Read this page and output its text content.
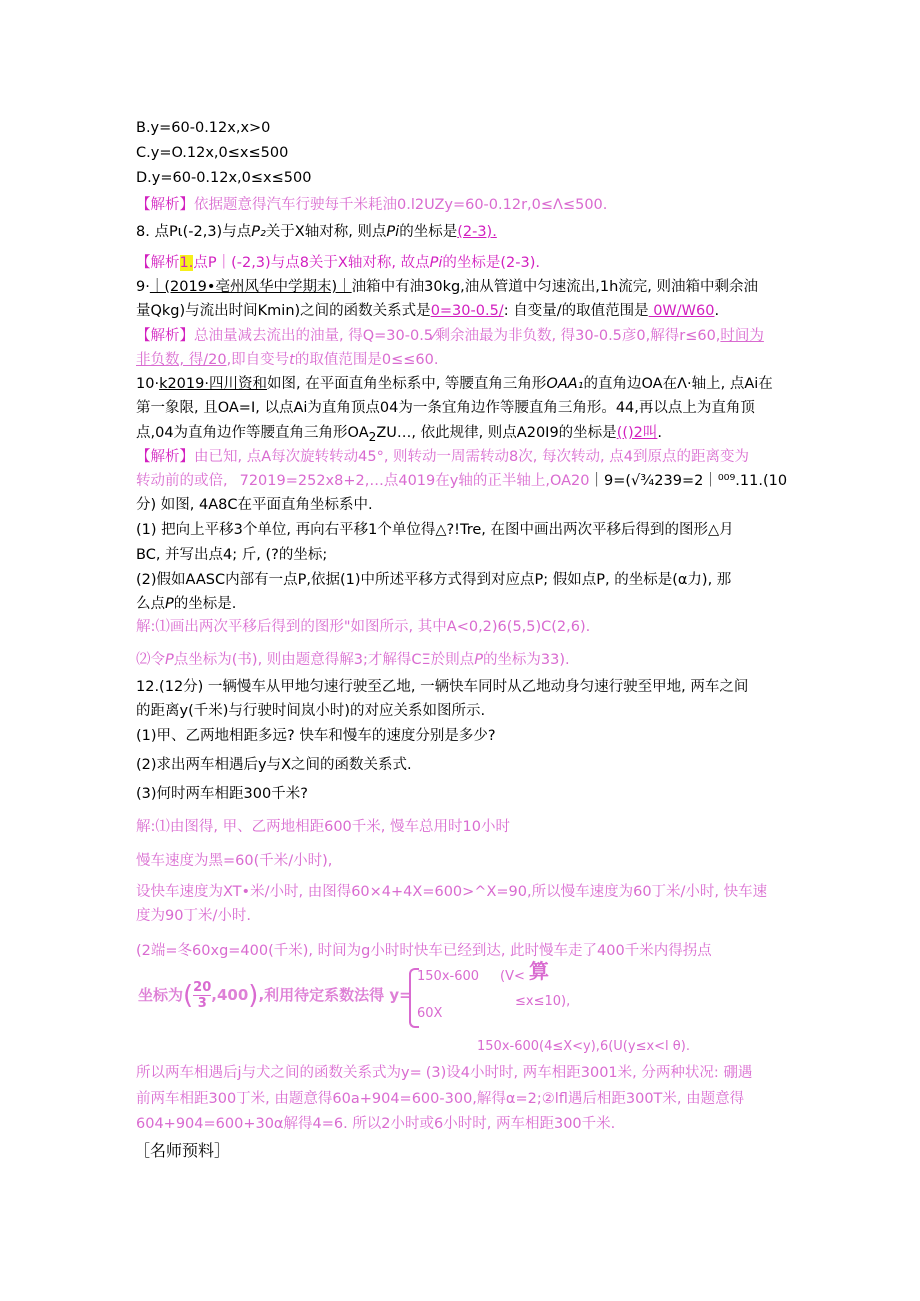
B.y=60-0.12x,x>0
C.y=O.12x,0≤x≤500
D.y=60-0.12x,0≤x≤500
【解析】依据题意得汽车行驶每千米耗油0.l2UZy=60-0.12r,0≤Λ≤500.
8. 点Pι(-2,3)与点P₂关于X轴对称, 则点Pi的坐标是(2-3).
【解析1.点P｜(-2,3)与点8关于X轴对称, 故点Pi的坐标是(2-3).
9·｜(2019•亳州风华中学期末)｜油箱中有油30kg,油从管道中匀速流出,1h流完, 则油箱中剩余油
量Qkg)与流出时间Kmin)之间的函数关系式是0=30-0.5/: 自变量/的取值范围是 0W/W60.
【解析】总油量减去流出的油量, 得Q=30-0.5⁄剩余油最为非负数, 得30-0.5彦0,解得r≤60,时间为
非负数, 得/20,即自变号t的取值范围是0≤≤60.
10·k2019·四川资和如图, 在平面直角坐标系中, 等腰直角三角形OAA₁的直角边OA在Λ·轴上, 点Ai在
第一象限, 且OA=I, 以点Ai为直角顶点04为一条宜角边作等腰直角三角形。44,再以点上为直角顶
点,04为直角边作等腰直角三角形$OA_2ZU\dots$, 依此规律, 则点A20I9的坐标是(()2叫.
【解析】由已知, 点A每次旋转转动45°, 则转动一周需转动8次, 每次转动, 点4到原点的距离变为
转动前的或倍, 72019=252x8+2,…点4019在y轴的正半轴上,OA20｜9=(√³⁄₄239=2｜⁰⁰⁹.11.(10
分) 如图, 4A8C在平面直角坐标系中.
(1) 把向上平移3个单位, 再向右平移1个单位得△?!Tre, 在图中画出两次平移后得到的图形△月
BC, 并写出点4; 斤, (?的坐标;
(2)假如AASC内部有一点P,依据(1)中所述平移方式得到对应点P; 假如点P, 的坐标是(α力), 那
么点P的坐标是.
解:⑴画出两次平移后得到的图形"如图所示, 其中A<0,2)6(5,5)C(2,6).
⑵令P点坐标为(书), 则由题意得解3;才解得CΞ於則点P的坐标为33).
12.(12分) 一辆慢车从甲地匀速行驶至乙地, 一辆快车同时从乙地动身匀速行驶至甲地, 两车之间
的距离y(千米)与行驶时间岚小时)的对应关系如图所示.
(1)甲、乙两地相距多远? 快车和慢车的速度分别是多少?
(2)求出两车相遇后y与X之间的函数关系式.
(3)何时两车相距300千米?
解:⑴由图得, 甲、乙两地相距600千米, 慢车总用时10小时
慢车速度为黑=60(千米/小时),
设快车速度为XT•米/小时, 由图得60×4+4X=600>^X=90,所以慢车速度为60丁米/小时, 快车速
度为90丁米/小时.
(2端=冬60xg=400(千米), 时间为g小时时快车已经到达, 此时慢车走了400千米内得拐点
坐标为( $\frac{20}{3} ,400$),利用待定系数法得 y=
150x-600 (V< 算
≤x≤10),
60X
150x-600(4≤X<y),6(U(y≤x<l θ).
所以两车相遇后j与犬之间的函数关系式为y= (3)设4小时时, 两车相距3001米, 分两种状况: 硼遇
前两车相距300丁米, 由题意得60a+904=600-300,解得α=2;②lfl遇后相距300T米, 由题意得
604+904=600+30α解得4=6. 所以2小时或6小时时, 两车相距300千米.
［名师预料］
